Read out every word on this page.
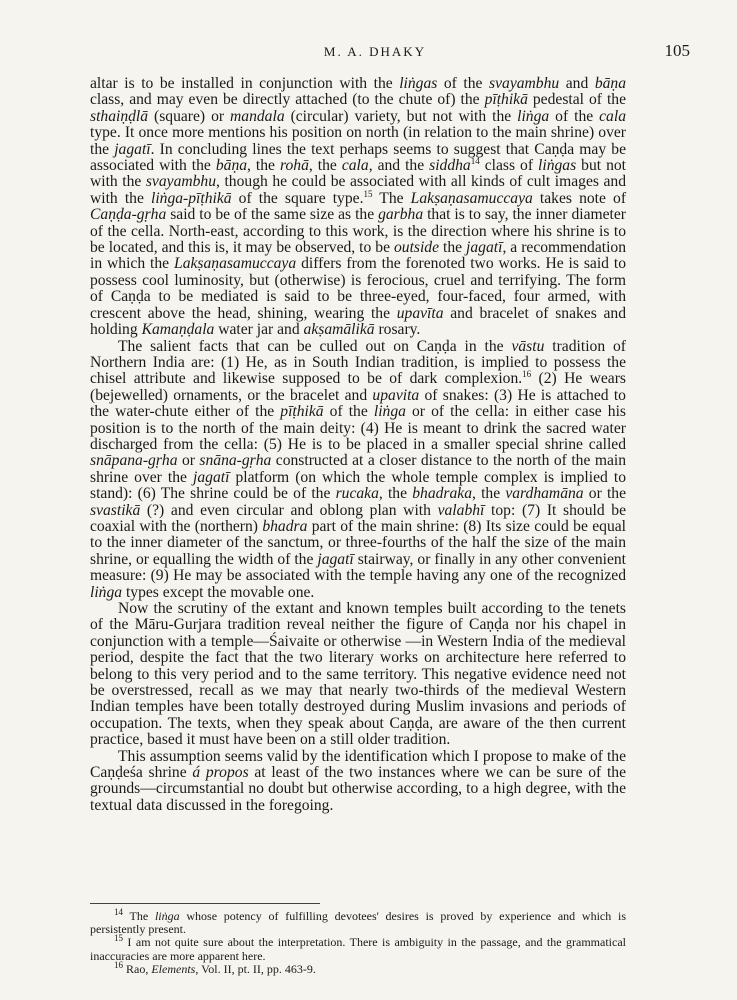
M. A. DHAKY	105

altar is to be installed in conjunction with the liṅgas of the svayambhu and bāṇa class, and may even be directly attached (to the chute of) the pīṭhikā pedestal of the sthaiṇḍlā (square) or mandala (circular) variety, but not with the liṅga of the cala type. It once more mentions his position on north (in relation to the main shrine) over the jagatī. In concluding lines the text perhaps seems to suggest that Caṇḍa may be associated with the bāṇa, the rohā, the cala, and the siddha$^{14}$ class of liṅgas but not with the svayambhu, though he could be associated with all kinds of cult images and with the liṅga-pīṭhikā of the square type.$^{15}$ The Lakṣaṇasamuccaya takes note of Caṇḍa-gṛha said to be of the same size as the garbha that is to say, the inner diameter of the cella. North-east, according to this work, is the direction where his shrine is to be located, and this is, it may be observed, to be outside the jagatī, a recommendation in which the Lakṣaṇasamuccaya differs from the forenoted two works. He is said to possess cool luminosity, but (otherwise) is ferocious, cruel and terrifying. The form of Caṇḍa to be mediated is said to be three-eyed, four-faced, four armed, with crescent above the head, shining, wearing the upavīta and bracelet of snakes and holding Kamaṇḍala water jar and akṣamālikā rosary.

The salient facts that can be culled out on Caṇḍa in the vāstu tradition of Northern India are: (1) He, as in South Indian tradition, is implied to possess the chisel attribute and likewise supposed to be of dark complexion.$^{16}$ (2) He wears (bejewelled) ornaments, or the bracelet and upavita of snakes: (3) He is attached to the water-chute either of the pīṭhikā of the liṅga or of the cella: in either case his position is to the north of the main deity: (4) He is meant to drink the sacred water discharged from the cella: (5) He is to be placed in a smaller special shrine called snāpana-gṛha or snāna-gṛha constructed at a closer distance to the north of the main shrine over the jagatī platform (on which the whole temple complex is implied to stand): (6) The shrine could be of the rucaka, the bhadraka, the vardhamāna or the svastikā (?) and even circular and oblong plan with valabhī top: (7) It should be coaxial with the (northern) bhadra part of the main shrine: (8) Its size could be equal to the inner diameter of the sanctum, or three-fourths of the half the size of the main shrine, or equalling the width of the jagatī stairway, or finally in any other convenient measure: (9) He may be associated with the temple having any one of the recognized liṅga types except the movable one.

Now the scrutiny of the extant and known temples built according to the tenets of the Māru-Gurjara tradition reveal neither the figure of Caṇḍa nor his chapel in conjunction with a temple—Śaivaite or otherwise —in Western India of the medieval period, despite the fact that the two literary works on architecture here referred to belong to this very period and to the same territory. This negative evidence need not be overstressed, recall as we may that nearly two-thirds of the medieval Western Indian temples have been totally destroyed during Muslim invasions and periods of occupation. The texts, when they speak about Caṇḍa, are aware of the then current practice, based it must have been on a still older tradition.

This assumption seems valid by the identification which I propose to make of the Caṇḍeśa shrine á propos at least of the two instances where we can be sure of the grounds—circumstantial no doubt but otherwise according, to a high degree, with the textual data discussed in the foregoing.

$^{14}$ The liṅga whose potency of fulfilling devotees' desires is proved by experience and which is persistently present.

$^{15}$ I am not quite sure about the interpretation. There is ambiguity in the passage, and the grammatical inaccuracies are more apparent here.

$^{16}$ Rao, Elements, Vol. II, pt. II, pp. 463-9.
